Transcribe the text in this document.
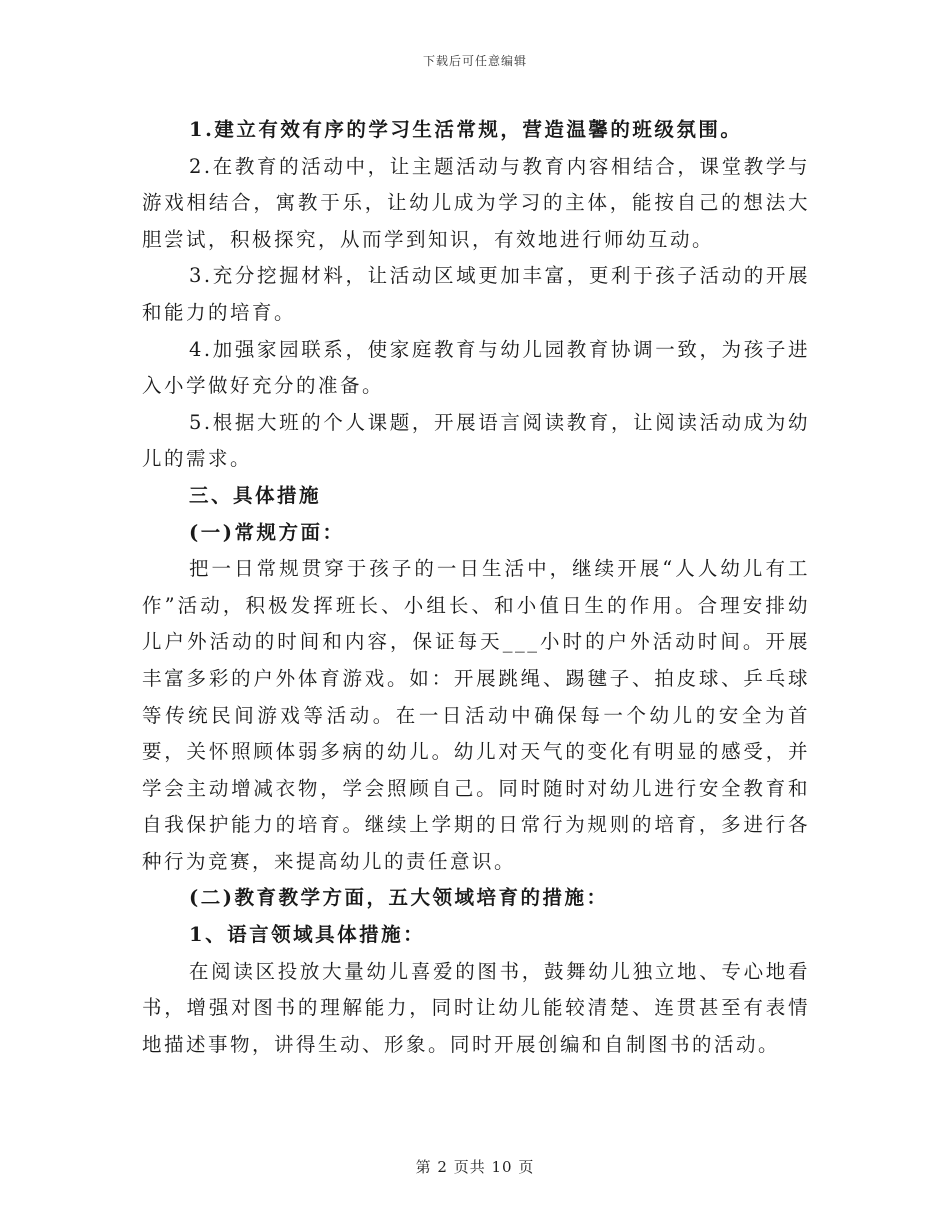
下载后可任意编辑

1.建立有效有序的学习生活常规，营造温馨的班级氛围。

2.在教育的活动中，让主题活动与教育内容相结合，课堂教学与游戏相结合，寓教于乐，让幼儿成为学习的主体，能按自己的想法大胆尝试，积极探究，从而学到知识，有效地进行师幼互动。

3.充分挖掘材料，让活动区域更加丰富，更利于孩子活动的开展和能力的培育。

4.加强家园联系，使家庭教育与幼儿园教育协调一致，为孩子进入小学做好充分的准备。

5.根据大班的个人课题，开展语言阅读教育，让阅读活动成为幼儿的需求。

三、具体措施

(一)常规方面：

把一日常规贯穿于孩子的一日生活中，继续开展“人人幼儿有工作”活动，积极发挥班长、小组长、和小值日生的作用。合理安排幼儿户外活动的时间和内容，保证每天___小时的户外活动时间。开展丰富多彩的户外体育游戏。如：开展跳绳、踢毽子、拍皮球、乒乓球等传统民间游戏等活动。在一日活动中确保每一个幼儿的安全为首要，关怀照顾体弱多病的幼儿。幼儿对天气的变化有明显的感受，并学会主动增减衣物，学会照顾自己。同时随时对幼儿进行安全教育和自我保护能力的培育。继续上学期的日常行为规则的培育，多进行各种行为竞赛，来提高幼儿的责任意识。

(二)教育教学方面，五大领域培育的措施：

1、语言领域具体措施：

在阅读区投放大量幼儿喜爱的图书，鼓舞幼儿独立地、专心地看书，增强对图书的理解能力，同时让幼儿能较清楚、连贯甚至有表情地描述事物，讲得生动、形象。同时开展创编和自制图书的活动。

第 2 页共 10 页
